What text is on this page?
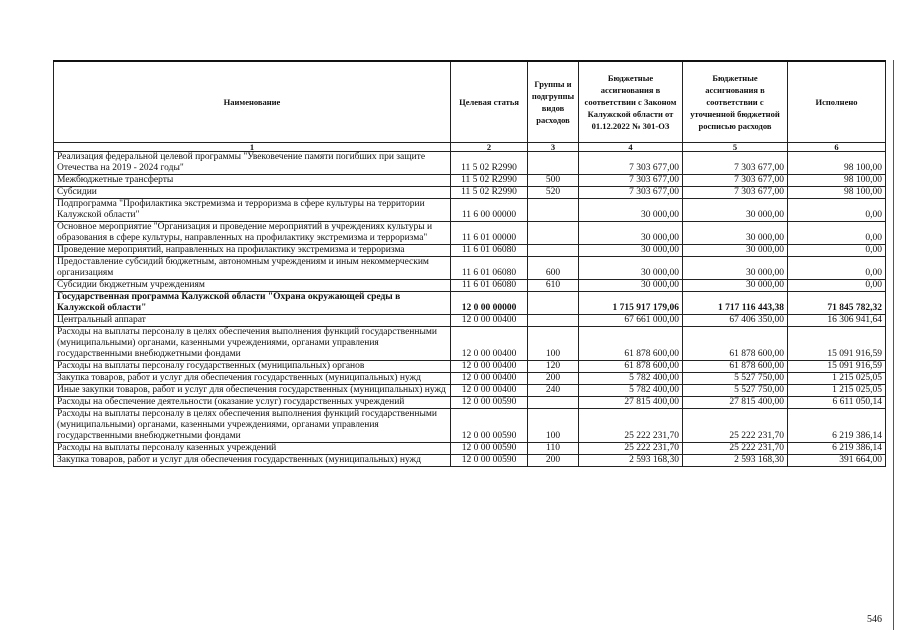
Наименование	Целевая статья	Группы и подгруппы видов расходов	Бюджетные ассигнования в соответствии с Законом Калужской области от 01.12.2022 № 301-ОЗ	Бюджетные ассигнования в соответствии с уточненной бюджетной росписью расходов	Исполнено
1	2	3	4	5	6
Реализация федеральной целевой программы "Увековечение памяти погибших при защите Отечества на 2019 - 2024 годы"	11 5 02 R2990		7 303 677,00	7 303 677,00	98 100,00
Межбюджетные трансферты	11 5 02 R2990	500	7 303 677,00	7 303 677,00	98 100,00
Субсидии	11 5 02 R2990	520	7 303 677,00	7 303 677,00	98 100,00
Подпрограмма "Профилактика экстремизма и терроризма в сфере культуры на территории Калужской области"	11 6 00 00000		30 000,00	30 000,00	0,00
Основное мероприятие "Организация и проведение мероприятий в учреждениях культуры и образования в сфере культуры, направленных на профилактику экстремизма и терроризма"	11 6 01 00000		30 000,00	30 000,00	0,00
Проведение мероприятий, направленных на профилактику экстремизма и терроризма	11 6 01 06080		30 000,00	30 000,00	0,00
Предоставление субсидий бюджетным, автономным учреждениям и иным некоммерческим организациям	11 6 01 06080	600	30 000,00	30 000,00	0,00
Субсидии бюджетным учреждениям	11 6 01 06080	610	30 000,00	30 000,00	0,00
Государственная программа Калужской области "Охрана окружающей среды в Калужской области"	12 0 00 00000		1 715 917 179,06	1 717 116 443,38	71 845 782,32
Центральный аппарат	12 0 00 00400		67 661 000,00	67 406 350,00	16 306 941,64
Расходы на выплаты персоналу в целях обеспечения выполнения функций государственными (муниципальными) органами, казенными учреждениями, органами управления государственными внебюджетными фондами	12 0 00 00400	100	61 878 600,00	61 878 600,00	15 091 916,59
Расходы на выплаты персоналу государственных (муниципальных) органов	12 0 00 00400	120	61 878 600,00	61 878 600,00	15 091 916,59
Закупка товаров, работ и услуг для обеспечения государственных (муниципальных) нужд	12 0 00 00400	200	5 782 400,00	5 527 750,00	1 215 025,05
Иные закупки товаров, работ и услуг для обеспечения государственных (муниципальных) нужд	12 0 00 00400	240	5 782 400,00	5 527 750,00	1 215 025,05
Расходы на обеспечение деятельности (оказание услуг) государственных учреждений	12 0 00 00590		27 815 400,00	27 815 400,00	6 611 050,14
Расходы на выплаты персоналу в целях обеспечения выполнения функций государственными (муниципальными) органами, казенными учреждениями, органами управления государственными внебюджетными фондами	12 0 00 00590	100	25 222 231,70	25 222 231,70	6 219 386,14
Расходы на выплаты персоналу казенных учреждений	12 0 00 00590	110	25 222 231,70	25 222 231,70	6 219 386,14
Закупка товаров, работ и услуг для обеспечения государственных (муниципальных) нужд	12 0 00 00590	200	2 593 168,30	2 593 168,30	391 664,00
546
